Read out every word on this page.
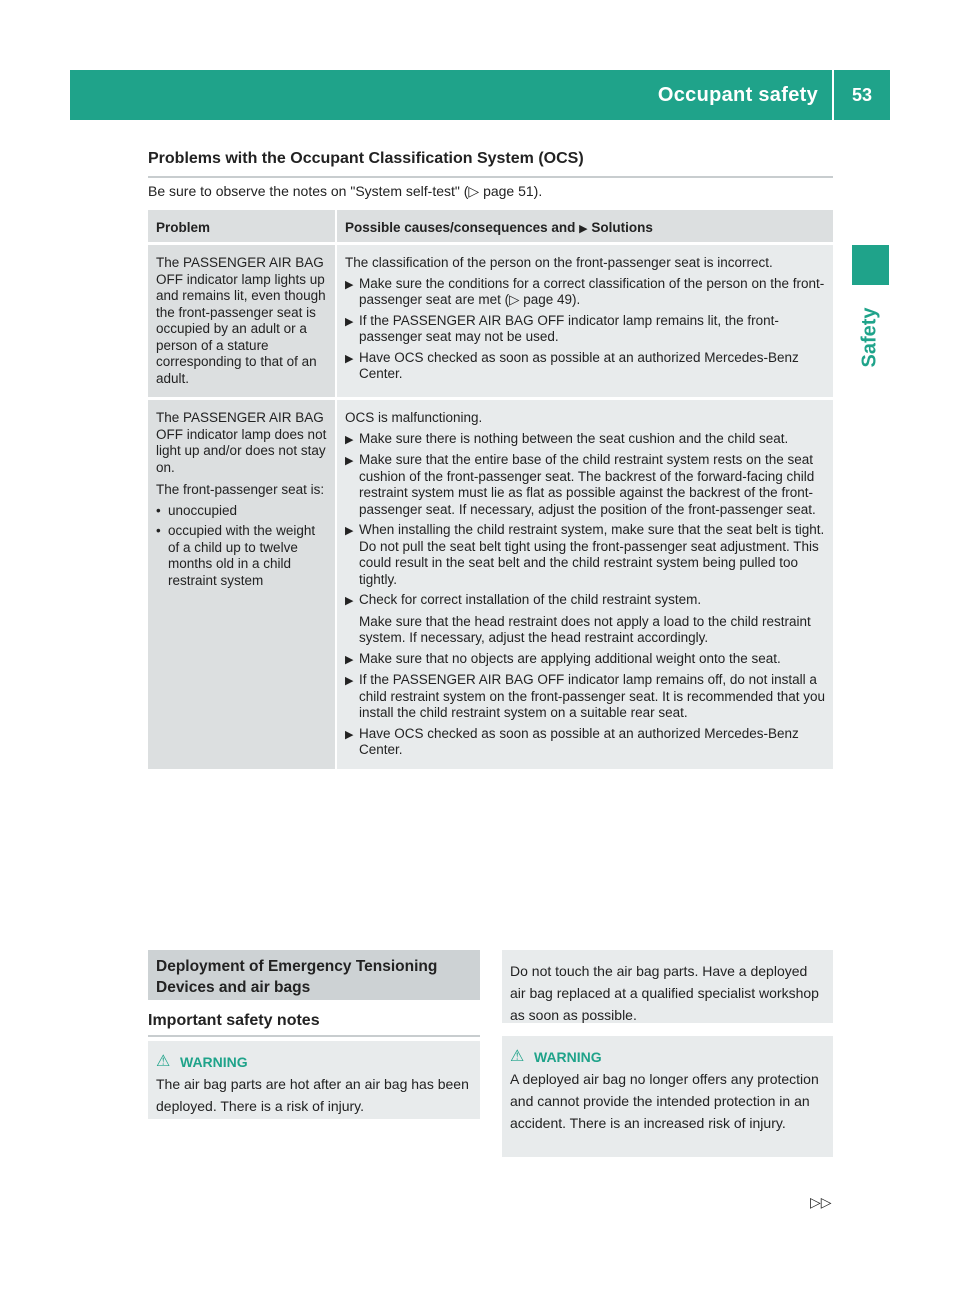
Occupant safety	53
Safety
Problems with the Occupant Classification System (OCS)
Be sure to observe the notes on "System self-test" (▷ page 51).
Problem	Possible causes/consequences and ▶ Solutions
The PASSENGER AIR BAG OFF indicator lamp lights up and remains lit, even though the front-passenger seat is occupied by an adult or a person of a stature corresponding to that of an adult.
The classification of the person on the front-passenger seat is incorrect.
▶ Make sure the conditions for a correct classification of the person on the front-passenger seat are met (▷ page 49).
▶ If the PASSENGER AIR BAG OFF indicator lamp remains lit, the front-passenger seat may not be used.
▶ Have OCS checked as soon as possible at an authorized Mercedes-Benz Center.
The PASSENGER AIR BAG OFF indicator lamp does not light up and/or does not stay on.
The front-passenger seat is:
• unoccupied
• occupied with the weight of a child up to twelve months old in a child restraint system
OCS is malfunctioning.
▶ Make sure there is nothing between the seat cushion and the child seat.
▶ Make sure that the entire base of the child restraint system rests on the seat cushion of the front-passenger seat. The backrest of the forward-facing child restraint system must lie as flat as possible against the backrest of the front-passenger seat. If necessary, adjust the position of the front-passenger seat.
▶ When installing the child restraint system, make sure that the seat belt is tight. Do not pull the seat belt tight using the front-passenger seat adjustment. This could result in the seat belt and the child restraint system being pulled too tightly.
▶ Check for correct installation of the child restraint system.
Make sure that the head restraint does not apply a load to the child restraint system. If necessary, adjust the head restraint accordingly.
▶ Make sure that no objects are applying additional weight onto the seat.
▶ If the PASSENGER AIR BAG OFF indicator lamp remains off, do not install a child restraint system on the front-passenger seat. It is recommended that you install the child restraint system on a suitable rear seat.
▶ Have OCS checked as soon as possible at an authorized Mercedes-Benz Center.
Deployment of Emergency Tensioning Devices and air bags
Important safety notes
⚠ WARNING
The air bag parts are hot after an air bag has been deployed. There is a risk of injury.
Do not touch the air bag parts. Have a deployed air bag replaced at a qualified specialist workshop as soon as possible.
⚠ WARNING
A deployed air bag no longer offers any protection and cannot provide the intended protection in an accident. There is an increased risk of injury.
▷▷
